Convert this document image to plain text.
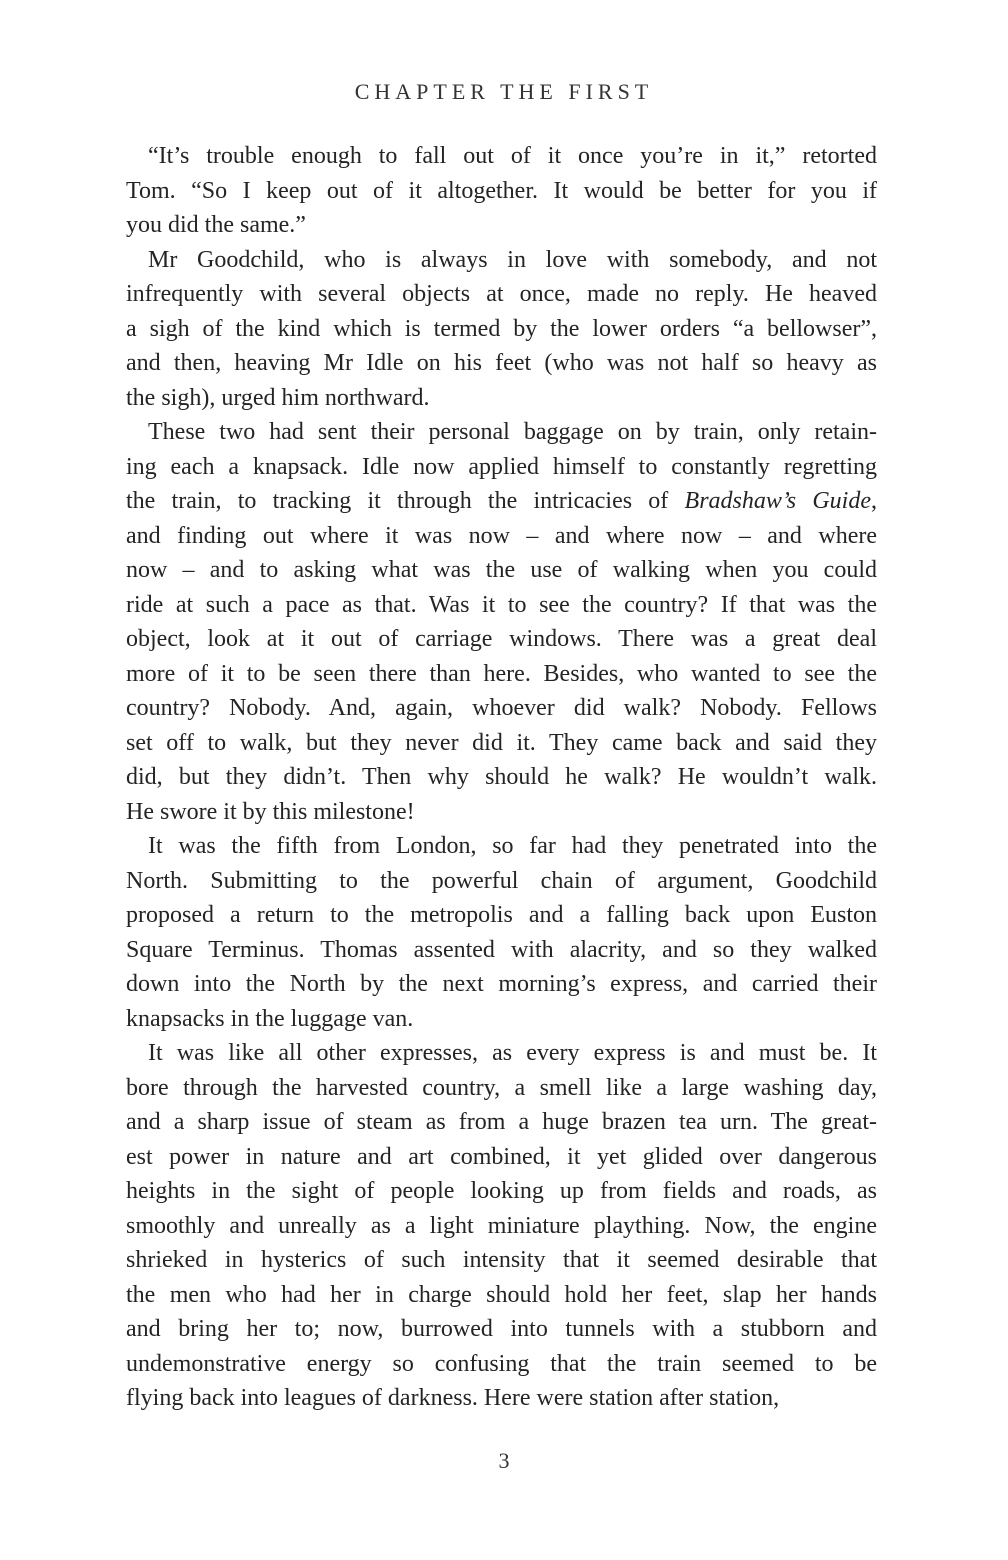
CHAPTER THE FIRST
“It’s trouble enough to fall out of it once you’re in it,” retorted
Tom. “So I keep out of it altogether. It would be better for you if
you did the same.”
Mr Goodchild, who is always in love with somebody, and not
infrequently with several objects at once, made no reply. He heaved
a sigh of the kind which is termed by the lower orders “a bellowser”,
and then, heaving Mr Idle on his feet (who was not half so heavy as
the sigh), urged him northward.
These two had sent their personal baggage on by train, only retain-
ing each a knapsack. Idle now applied himself to constantly regretting
the train, to tracking it through the intricacies of Bradshaw’s Guide,
and finding out where it was now – and where now – and where
now – and to asking what was the use of walking when you could
ride at such a pace as that. Was it to see the country? If that was the
object, look at it out of carriage windows. There was a great deal
more of it to be seen there than here. Besides, who wanted to see the
country? Nobody. And, again, whoever did walk? Nobody. Fellows
set off to walk, but they never did it. They came back and said they
did, but they didn’t. Then why should he walk? He wouldn’t walk.
He swore it by this milestone!
It was the fifth from London, so far had they penetrated into the
North. Submitting to the powerful chain of argument, Goodchild
proposed a return to the metropolis and a falling back upon Euston
Square Terminus. Thomas assented with alacrity, and so they walked
down into the North by the next morning’s express, and carried their
knapsacks in the luggage van.
It was like all other expresses, as every express is and must be. It
bore through the harvested country, a smell like a large washing day,
and a sharp issue of steam as from a huge brazen tea urn. The great-
est power in nature and art combined, it yet glided over dangerous
heights in the sight of people looking up from fields and roads, as
smoothly and unreally as a light miniature plaything. Now, the engine
shrieked in hysterics of such intensity that it seemed desirable that
the men who had her in charge should hold her feet, slap her hands
and bring her to; now, burrowed into tunnels with a stubborn and
undemonstrative energy so confusing that the train seemed to be
flying back into leagues of darkness. Here were station after station,
3
